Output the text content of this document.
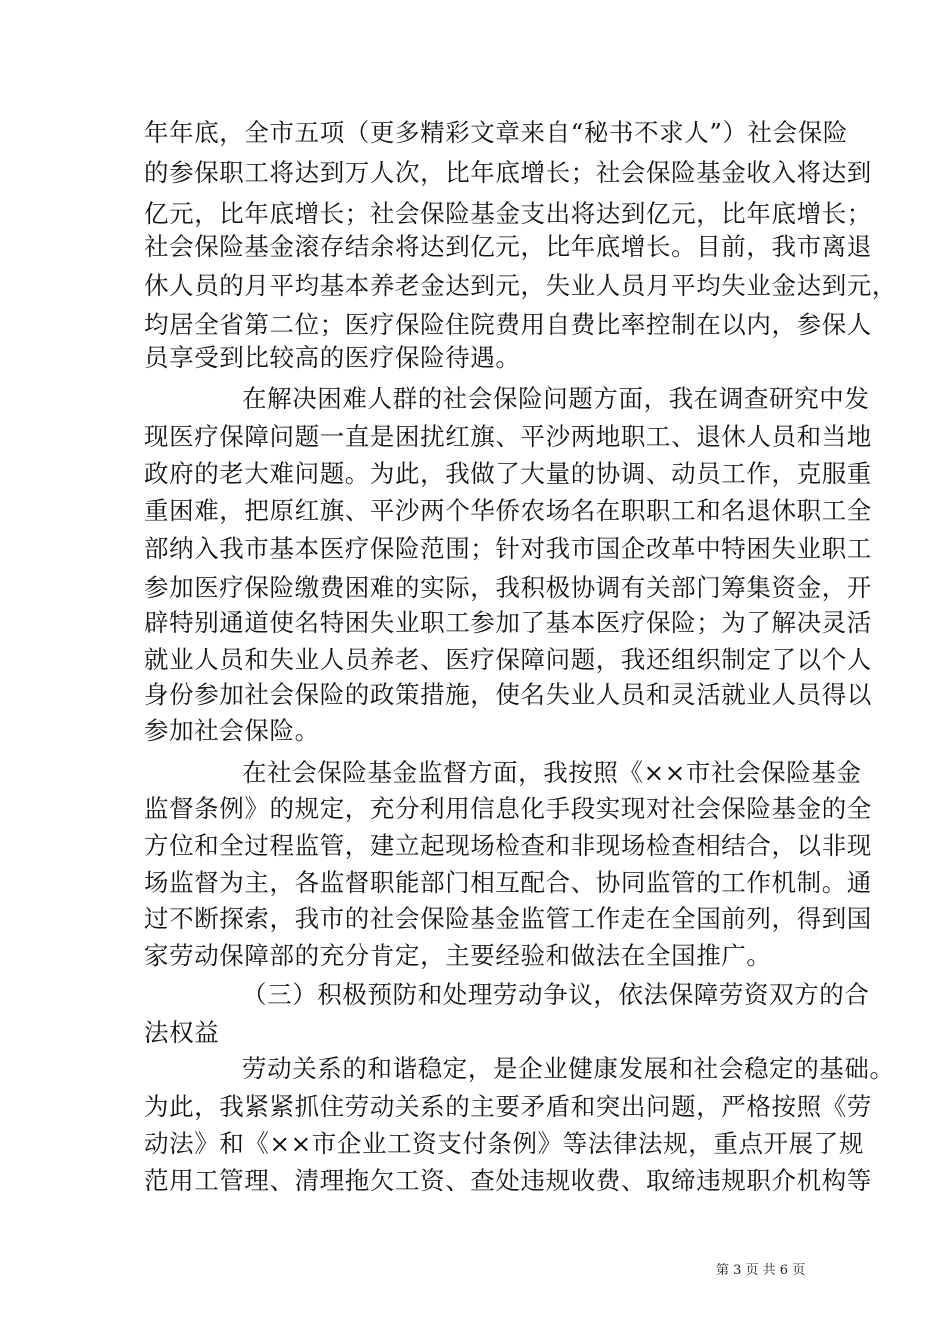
年年底，全市五项（更多精彩文章来自“秘书不求人”）社会保险
的参保职工将达到万人次，比年底增长；社会保险基金收入将达到
亿元，比年底增长；社会保险基金支出将达到亿元，比年底增长；
社会保险基金滚存结余将达到亿元，比年底增长。目前，我市离退
休人员的月平均基本养老金达到元，失业人员月平均失业金达到元，
均居全省第二位；医疗保险住院费用自费比率控制在以内，参保人
员享受到比较高的医疗保险待遇。
在解决困难人群的社会保险问题方面，我在调查研究中发
现医疗保障问题一直是困扰红旗、平沙两地职工、退休人员和当地
政府的老大难问题。为此，我做了大量的协调、动员工作，克服重
重困难，把原红旗、平沙两个华侨农场名在职职工和名退休职工全
部纳入我市基本医疗保险范围；针对我市国企改革中特困失业职工
参加医疗保险缴费困难的实际，我积极协调有关部门筹集资金，开
辟特别通道使名特困失业职工参加了基本医疗保险；为了解决灵活
就业人员和失业人员养老、医疗保障问题，我还组织制定了以个人
身份参加社会保险的政策措施，使名失业人员和灵活就业人员得以
参加社会保险。
在社会保险基金监督方面，我按照《××市社会保险基金
监督条例》的规定，充分利用信息化手段实现对社会保险基金的全
方位和全过程监管，建立起现场检查和非现场检查相结合，以非现
场监督为主，各监督职能部门相互配合、协同监管的工作机制。通
过不断探索，我市的社会保险基金监管工作走在全国前列，得到国
家劳动保障部的充分肯定，主要经验和做法在全国推广。
（三）积极预防和处理劳动争议，依法保障劳资双方的合
法权益
劳动关系的和谐稳定，是企业健康发展和社会稳定的基础。
为此，我紧紧抓住劳动关系的主要矛盾和突出问题，严格按照《劳
动法》和《××市企业工资支付条例》等法律法规，重点开展了规
范用工管理、清理拖欠工资、查处违规收费、取缔违规职介机构等
第 3 页 共 6 页
